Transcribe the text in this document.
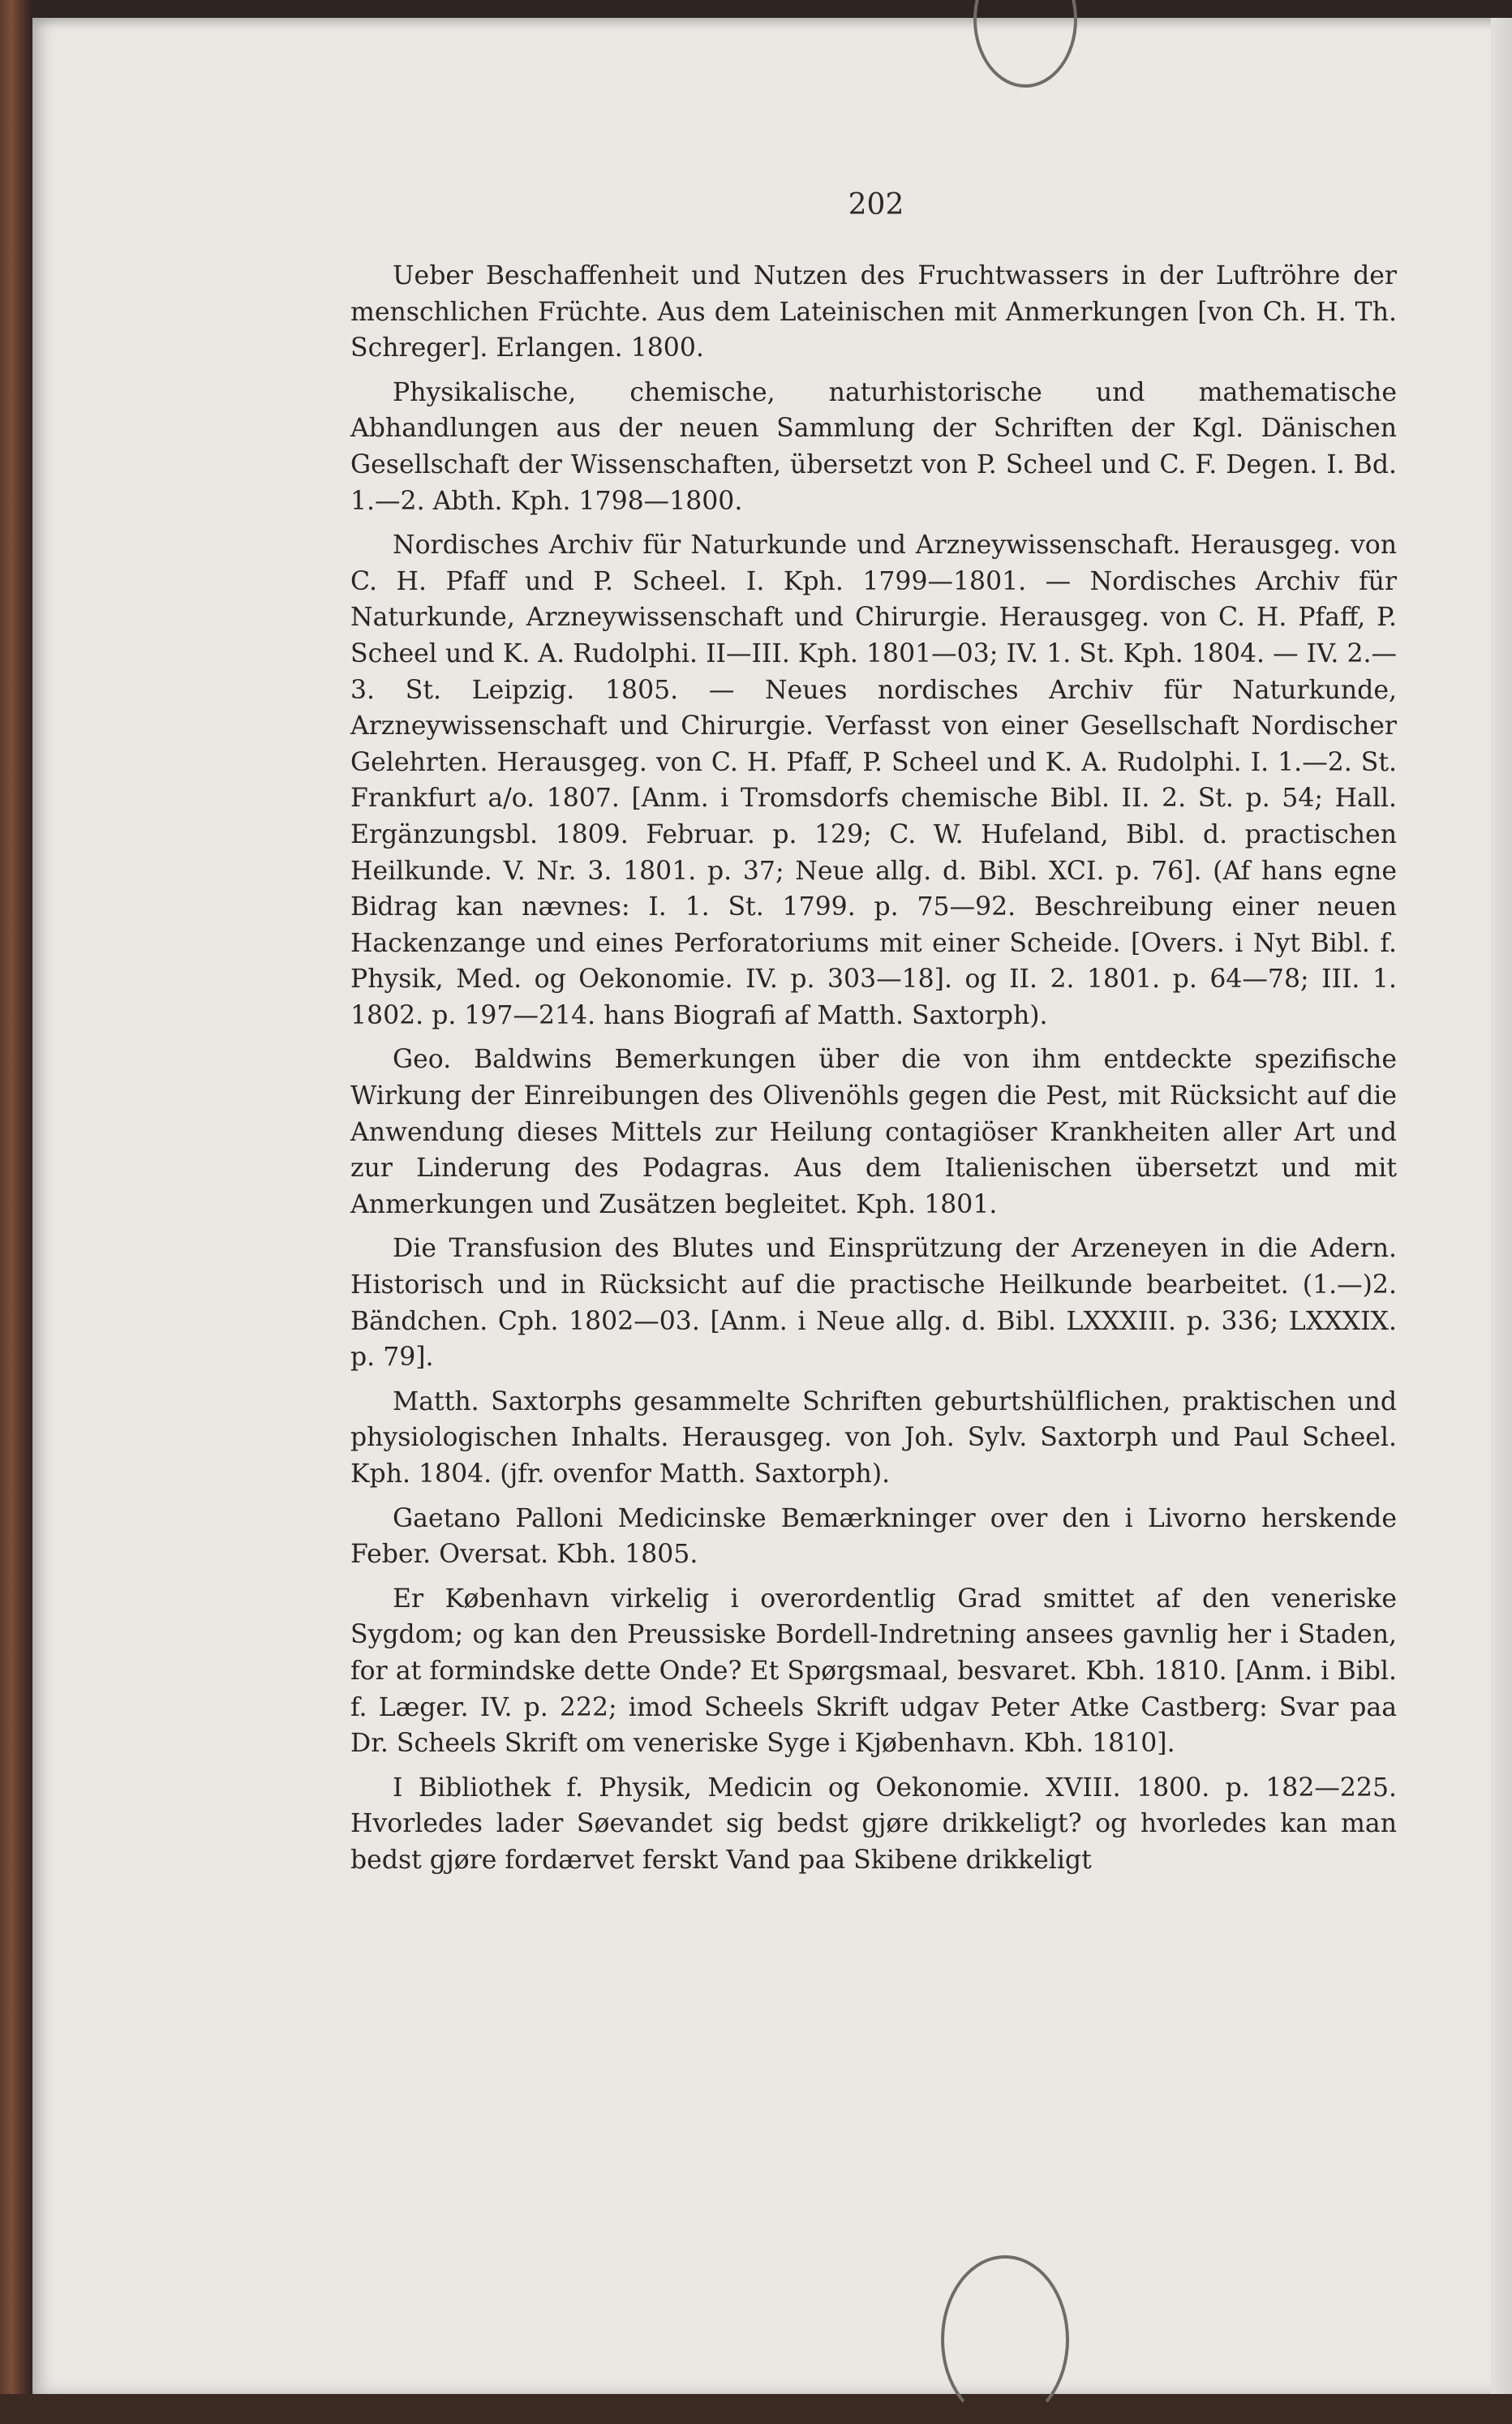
202

Ueber Beschaffenheit und Nutzen des Fruchtwassers in der Luftröhre der menschlichen Früchte. Aus dem Lateinischen mit Anmerkungen [von Ch. H. Th. Schreger]. Erlangen. 1800.

Physikalische, chemische, naturhistorische und mathematische Abhandlungen aus der neuen Sammlung der Schriften der Kgl. Dänischen Gesellschaft der Wissenschaften, übersetzt von P. Scheel und C. F. Degen. I. Bd. 1.—2. Abth. Kph. 1798—1800.

Nordisches Archiv für Naturkunde und Arzneywissenschaft. Herausgeg. von C. H. Pfaff und P. Scheel. I. Kph. 1799—1801. — Nordisches Archiv für Naturkunde, Arzneywissenschaft und Chirurgie. Herausgeg. von C. H. Pfaff, P. Scheel und K. A. Rudolphi. II—III. Kph. 1801—03; IV. 1. St. Kph. 1804. — IV. 2.—3. St. Leipzig. 1805. — Neues nordisches Archiv für Naturkunde, Arzneywissenschaft und Chirurgie. Verfasst von einer Gesellschaft Nordischer Gelehrten. Herausgeg. von C. H. Pfaff, P. Scheel und K. A. Rudolphi. I. 1.—2. St. Frankfurt a/o. 1807. [Anm. i Tromsdorfs chemische Bibl. II. 2. St. p. 54; Hall. Ergänzungsbl. 1809. Februar. p. 129; C. W. Hufeland, Bibl. d. practischen Heilkunde. V. Nr. 3. 1801. p. 37; Neue allg. d. Bibl. XCI. p. 76]. (Af hans egne Bidrag kan nævnes: I. 1. St. 1799. p. 75—92. Beschreibung einer neuen Hackenzange und eines Perforatoriums mit einer Scheide. [Overs. i Nyt Bibl. f. Physik, Med. og Oekonomie. IV. p. 303—18]. og II. 2. 1801. p. 64—78; III. 1. 1802. p. 197—214. hans Biografi af Matth. Saxtorph).

Geo. Baldwins Bemerkungen über die von ihm entdeckte spezifische Wirkung der Einreibungen des Olivenöhls gegen die Pest, mit Rücksicht auf die Anwendung dieses Mittels zur Heilung contagiöser Krankheiten aller Art und zur Linderung des Podagras. Aus dem Italienischen übersetzt und mit Anmerkungen und Zusätzen begleitet. Kph. 1801.

Die Transfusion des Blutes und Einsprützung der Arzeneyen in die Adern. Historisch und in Rücksicht auf die practische Heilkunde bearbeitet. (1.—)2. Bändchen. Cph. 1802—03. [Anm. i Neue allg. d. Bibl. LXXXIII. p. 336; LXXXIX. p. 79].

Matth. Saxtorphs gesammelte Schriften geburtshülflichen, praktischen und physiologischen Inhalts. Herausgeg. von Joh. Sylv. Saxtorph und Paul Scheel. Kph. 1804. (jfr. ovenfor Matth. Saxtorph).

Gaetano Palloni Medicinske Bemærkninger over den i Livorno herskende Feber. Oversat. Kbh. 1805.

Er København virkelig i overordentlig Grad smittet af den veneriske Sygdom; og kan den Preussiske Bordell-Indretning ansees gavnlig her i Staden, for at formindske dette Onde? Et Spørgsmaal, besvaret. Kbh. 1810. [Anm. i Bibl. f. Læger. IV. p. 222; imod Scheels Skrift udgav Peter Atke Castberg: Svar paa Dr. Scheels Skrift om veneriske Syge i Kjøbenhavn. Kbh. 1810].

I Bibliothek f. Physik, Medicin og Oekonomie. XVIII. 1800. p. 182—225. Hvorledes lader Søevandet sig bedst gjøre drikkeligt? og hvorledes kan man bedst gjøre fordærvet ferskt Vand paa Skibene drikkeligt
